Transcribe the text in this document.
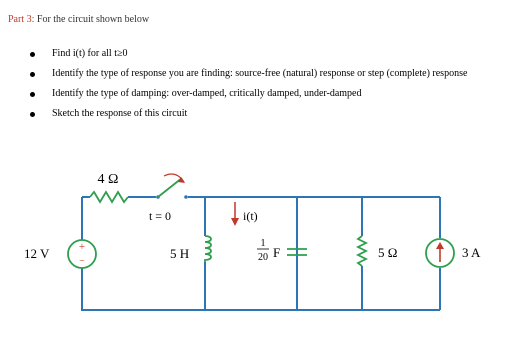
Part 3: For the circuit shown below
Find i(t) for all t≥0
Identify the type of response you are finding: source-free (natural) response or step (complete) response
Identify the type of damping: over-damped, critically damped, under-damped
Sketch the response of this circuit
+
−
4 Ω
t = 0	i(t)
12 V	5 H
1
20 F	5 Ω	3 A
